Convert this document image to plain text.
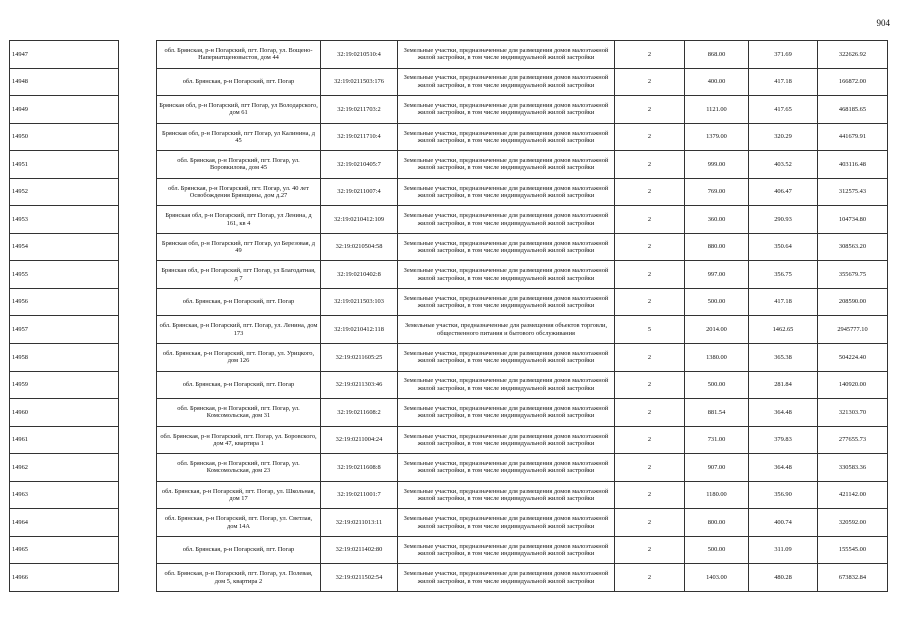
904
14947		обл. Брянская, р-н Погарский, пгт. Погар, ул. Вощено-Напериатщеновыстов, дом 44	32:19:0210510:4	Земельные участки, предназначенные для размещения домов малоэтажной жилой застройки, в том числе индивидуальной жилой застройки	2	868.00	371.69	322626.92
14948		обл. Брянская, р-н Погарский, пгт. Погар	32:19:0211503:176	Земельные участки, предназначенные для размещения домов малоэтажной жилой застройки, в том числе индивидуальной жилой застройки	2	400.00	417.18	166872.00
14949		Брянская обл, р-н Погарский, пгт Погар, ул Володарского, дом 61	32:19:0211703:2	Земельные участки, предназначенные для размещения домов малоэтажной жилой застройки, в том числе индивидуальной жилой застройки	2	1121.00	417.65	468185.65
14950		Брянская обл, р-н Погарский, пгт Погар, ул Калинина, д 45	32:19:0211710:4	Земельные участки, предназначенные для размещения домов малоэтажной жилой застройки, в том числе индивидуальной жилой застройки	2	1379.00	320.29	441679.91
14951		обл. Брянская, р-н Погарский, пгт. Погар, ул. Воровкилова, дом 45	32:19:0210405:7	Земельные участки, предназначенные для размещения домов малоэтажной жилой застройки, в том числе индивидуальной жилой застройки	2	999.00	403.52	403116.48
14952		обл. Брянская, р-н Погарский, пгт. Погар, ул. 40 лет Освобождения Брянщины, дом д.27	32:19:0211007:4	Земельные участки, предназначенные для размещения домов малоэтажной жилой застройки, в том числе индивидуальной жилой застройки	2	769.00	406.47	312575.43
14953		Брянская обл, р-н Погарский, пгт Погар, ул Ленина, д 161, кв 4	32:19:0210412:109	Земельные участки, предназначенные для размещения домов малоэтажной жилой застройки, в том числе индивидуальной жилой застройки	2	360.00	290.93	104734.80
14954		Брянская обл, р-н Погарский, пгт Погар, ул Березовая, д 49	32:19:0210504:58	Земельные участки, предназначенные для размещения домов малоэтажной жилой застройки, в том числе индивидуальной жилой застройки	2	880.00	350.64	308563.20
14955		Брянская обл, р-н Погарский, пгт Погар, ул Благодатная, д 7	32:19:0210402:8	Земельные участки, предназначенные для размещения домов малоэтажной жилой застройки, в том числе индивидуальной жилой застройки	2	997.00	356.75	355679.75
14956		обл. Брянская, р-н Погарский, пгт. Погар	32:19:0211503:103	Земельные участки, предназначенные для размещения домов малоэтажной жилой застройки, в том числе индивидуальной жилой застройки	2	500.00	417.18	208590.00
14957		обл. Брянская, р-н Погарский, пгт. Погар, ул. Ленина, дом 173	32:19:0210412:118	Земельные участки, предназначенные для размещения объектов торговли, общественного питания и бытового обслуживания	5	2014.00	1462.65	2945777.10
14958		обл. Брянская, р-н Погарский, пгт. Погар, ул. Урицкого, дом 126	32:19:0211605:25	Земельные участки, предназначенные для размещения домов малоэтажной жилой застройки, в том числе индивидуальной жилой застройки	2	1380.00	365.38	504224.40
14959		обл. Брянская, р-н Погарский, пгт. Погар	32:19:0211303:46	Земельные участки, предназначенные для размещения домов малоэтажной жилой застройки, в том числе индивидуальной жилой застройки	2	500.00	281.84	140920.00
14960		обл. Брянская, р-н Погарский, пгт. Погар, ул. Комсомольская, дом 31	32:19:0211608:2	Земельные участки, предназначенные для размещения домов малоэтажной жилой застройки, в том числе индивидуальной жилой застройки	2	881.54	364.48	321303.70
14961		обл. Брянская, р-н Погарский, пгт. Погар, ул. Боровского, дом 47, квартира 1	32:19:0211004:24	Земельные участки, предназначенные для размещения домов малоэтажной жилой застройки, в том числе индивидуальной жилой застройки	2	731.00	379.83	277655.73
14962		обл. Брянская, р-н Погарский, пгт. Погар, ул. Комсомольская, дом 23	32:19:0211608:8	Земельные участки, предназначенные для размещения домов малоэтажной жилой застройки, в том числе индивидуальной жилой застройки	2	907.00	364.48	330583.36
14963		обл. Брянская, р-н Погарский, пгт. Погар, ул. Школьная, дом 17	32:19:0211001:7	Земельные участки, предназначенные для размещения домов малоэтажной жилой застройки, в том числе индивидуальной жилой застройки	2	1180.00	356.90	421142.00
14964		обл. Брянская, р-н Погарский, пгт. Погар, ул. Светлая, дом 14А	32:19:0211013:11	Земельные участки, предназначенные для размещения домов малоэтажной жилой застройки, в том числе индивидуальной жилой застройки	2	800.00	400.74	320592.00
14965		обл. Брянская, р-н Погарский, пгт. Погар	32:19:0211402:80	Земельные участки, предназначенные для размещения домов малоэтажной жилой застройки, в том числе индивидуальной жилой застройки	2	500.00	311.09	155545.00
14966		обл. Брянская, р-н Погарский, пгт. Погар, ул. Полевая, дом 5, квартира 2	32:19:0211502:54	Земельные участки, предназначенные для размещения домов малоэтажной жилой застройки, в том числе индивидуальной жилой застройки	2	1403.00	480.28	673832.84
